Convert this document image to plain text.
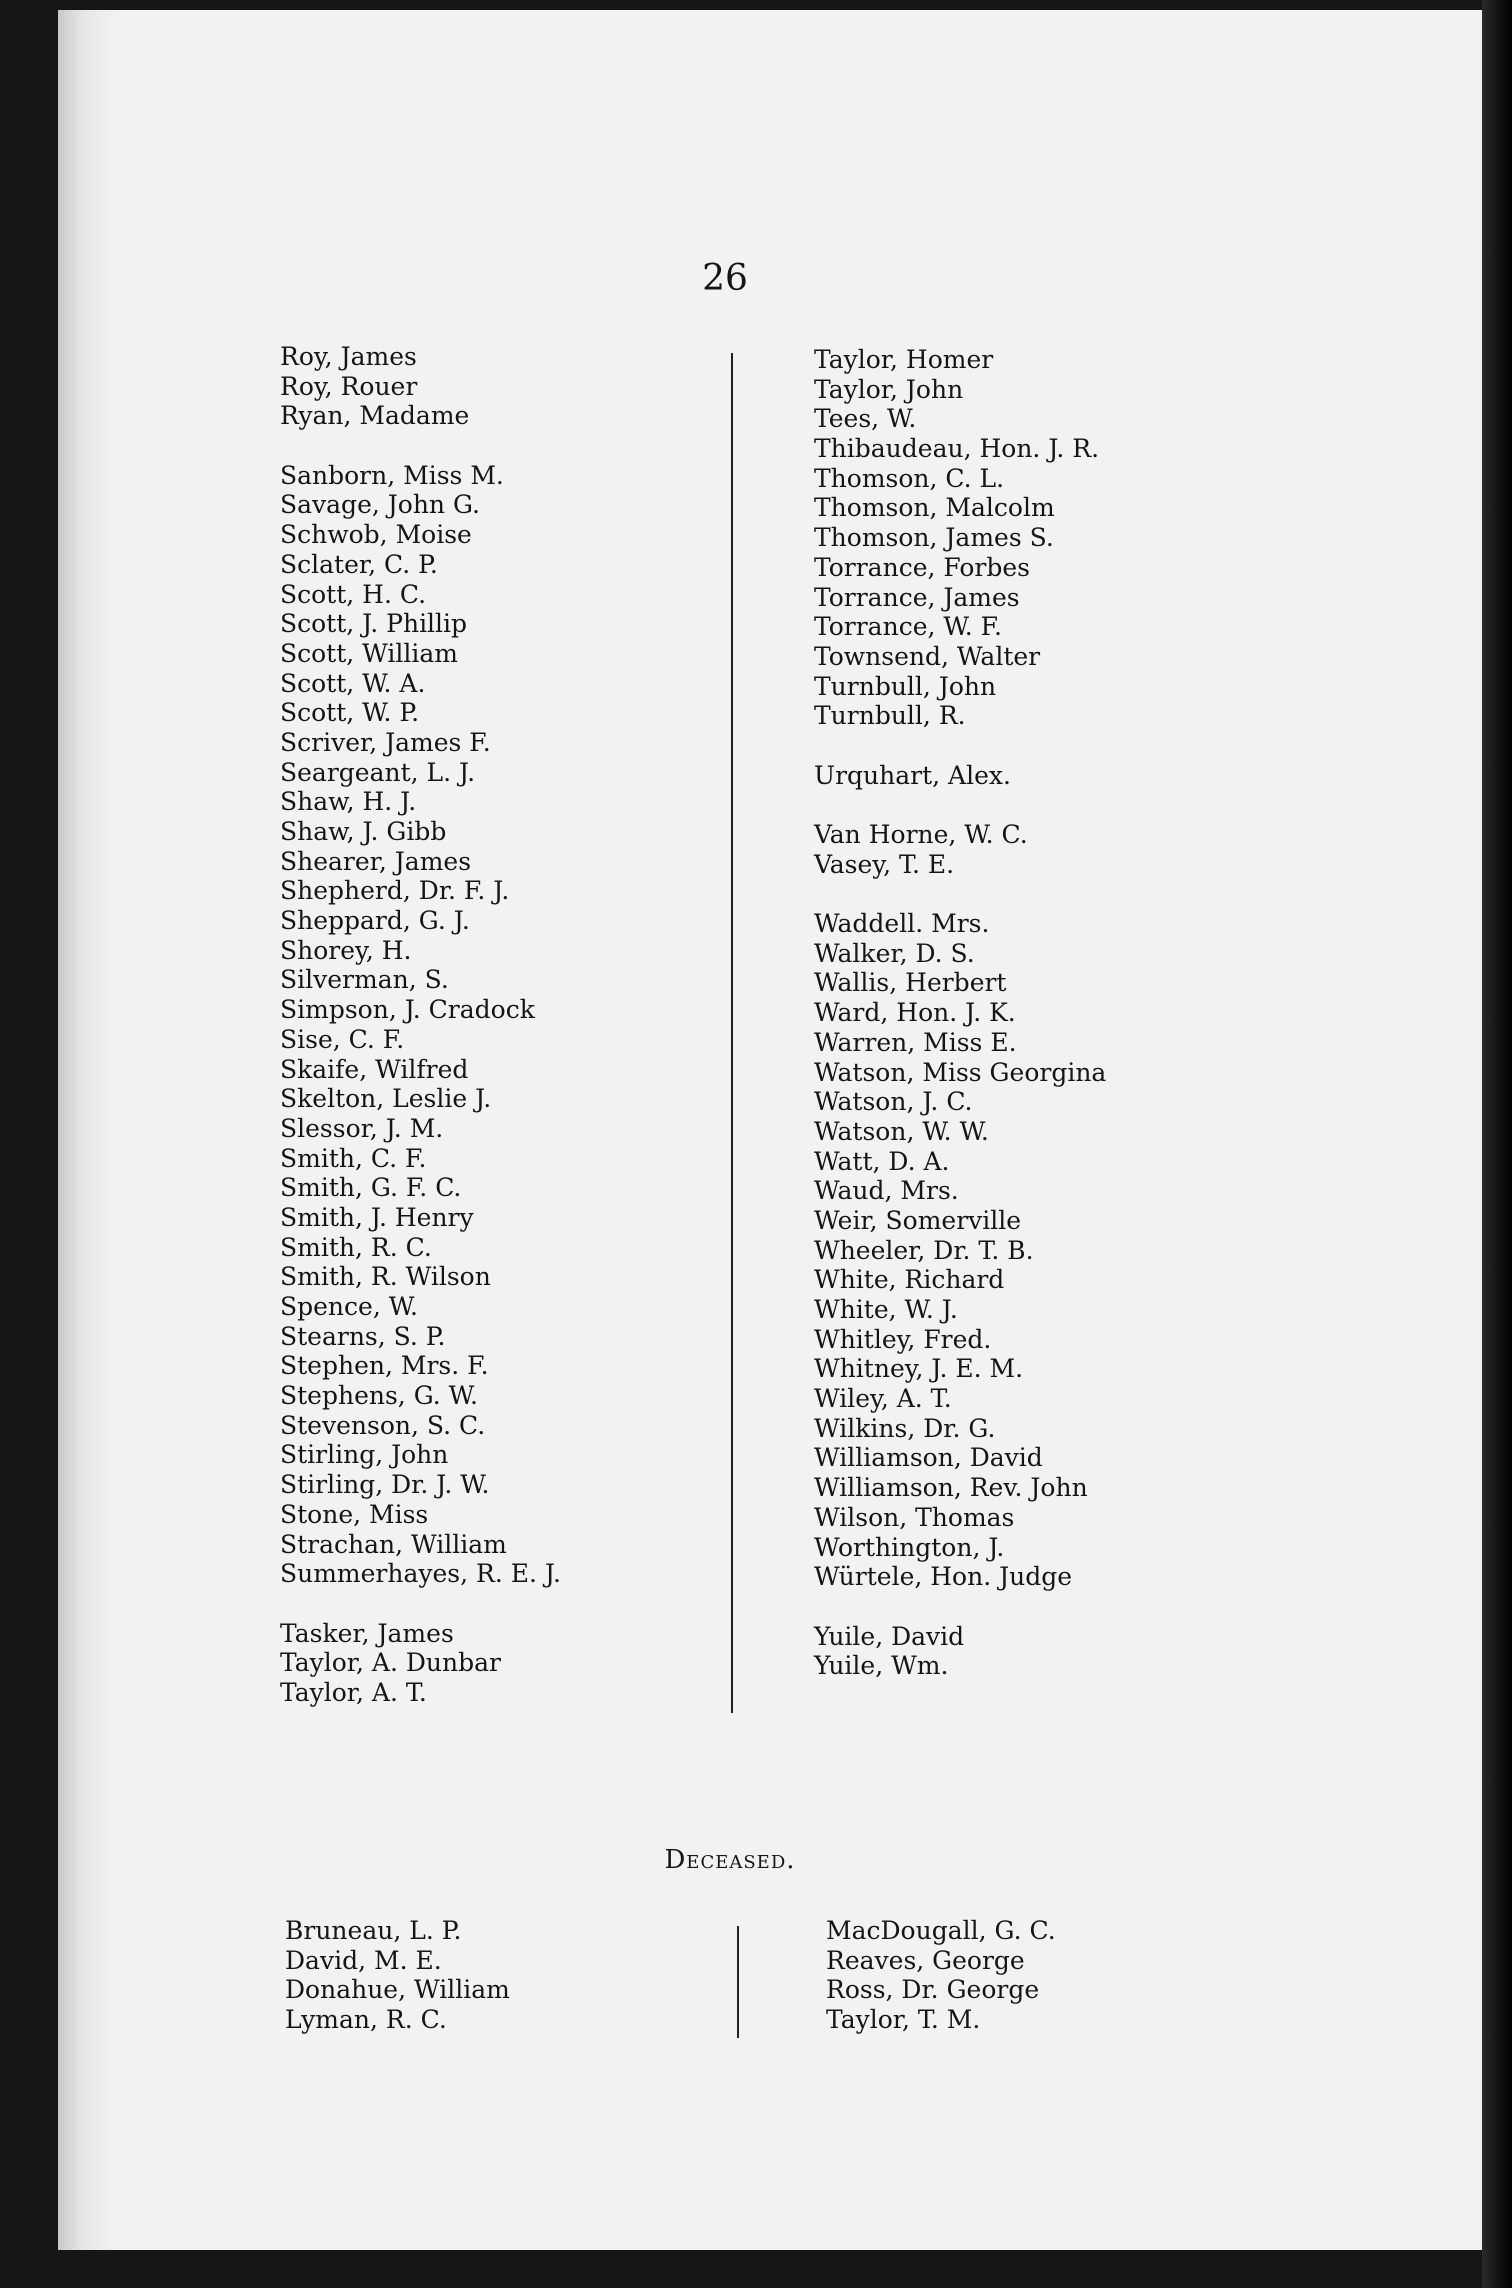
26
Roy, James
Roy, Rouer
Ryan, Madame
Sanborn, Miss M.
Savage, John G.
Schwob, Moise
Sclater, C. P.
Scott, H. C.
Scott, J. Phillip
Scott, William
Scott, W. A.
Scott, W. P.
Scriver, James F.
Seargeant, L. J.
Shaw, H. J.
Shaw, J. Gibb
Shearer, James
Shepherd, Dr. F. J.
Sheppard, G. J.
Shorey, H.
Silverman, S.
Simpson, J. Cradock
Sise, C. F.
Skaife, Wilfred
Skelton, Leslie J.
Slessor, J. M.
Smith, C. F.
Smith, G. F. C.
Smith, J. Henry
Smith, R. C.
Smith, R. Wilson
Spence, W.
Stearns, S. P.
Stephen, Mrs. F.
Stephens, G. W.
Stevenson, S. C.
Stirling, John
Stirling, Dr. J. W.
Stone, Miss
Strachan, William
Summerhayes, R. E. J.
Tasker, James
Taylor, A. Dunbar
Taylor, A. T.
Taylor, Homer
Taylor, John
Tees, W.
Thibaudeau, Hon. J. R.
Thomson, C. L.
Thomson, Malcolm
Thomson, James S.
Torrance, Forbes
Torrance, James
Torrance, W. F.
Townsend, Walter
Turnbull, John
Turnbull, R.
Urquhart, Alex.
Van Horne, W. C.
Vasey, T. E.
Waddell. Mrs.
Walker, D. S.
Wallis, Herbert
Ward, Hon. J. K.
Warren, Miss E.
Watson, Miss Georgina
Watson, J. C.
Watson, W. W.
Watt, D. A.
Waud, Mrs.
Weir, Somerville
Wheeler, Dr. T. B.
White, Richard
White, W. J.
Whitley, Fred.
Whitney, J. E. M.
Wiley, A. T.
Wilkins, Dr. G.
Williamson, David
Williamson, Rev. John
Wilson, Thomas
Worthington, J.
Würtele, Hon. Judge
Yuile, David
Yuile, Wm.
Deceased.
Bruneau, L. P.
David, M. E.
Donahue, William
Lyman, R. C.
MacDougall, G. C.
Reaves, George
Ross, Dr. George
Taylor, T. M.
